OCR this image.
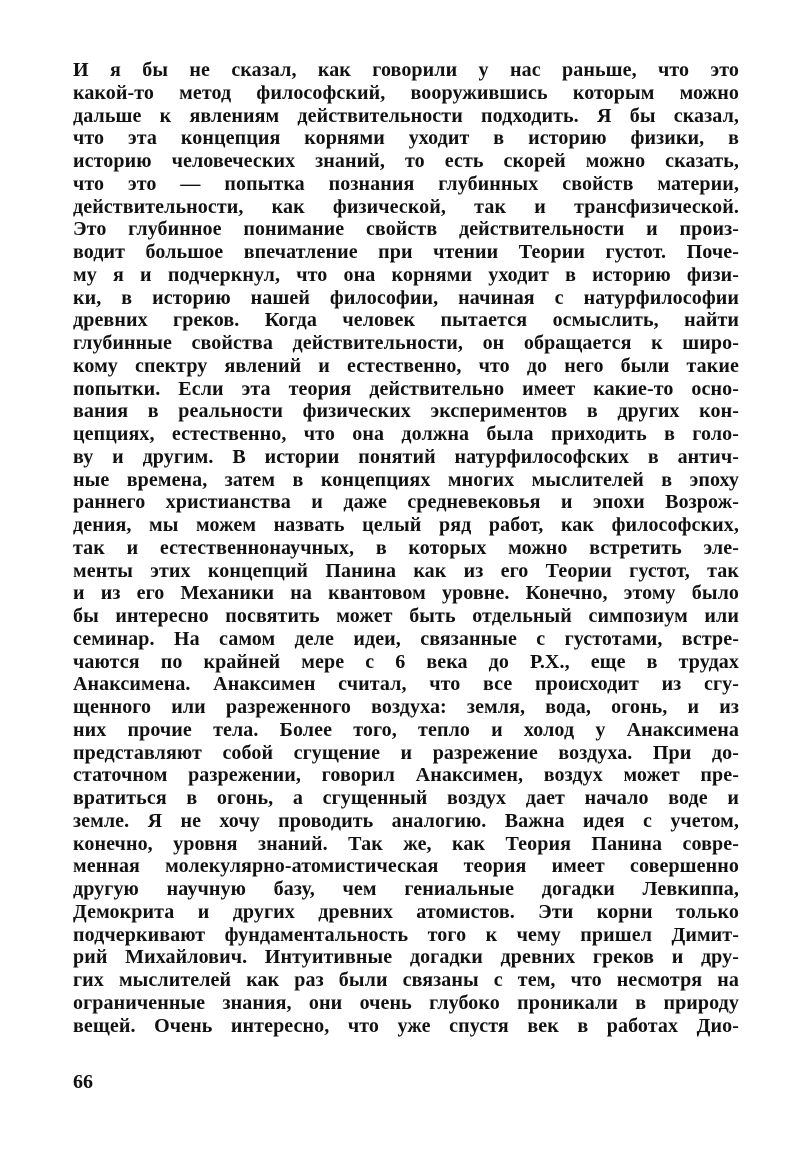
И я бы не сказал, как говорили у нас раньше, что это
какой-то метод философский, вооружившись которым можно
дальше к явлениям действительности подходить. Я бы сказал,
что эта концепция корнями уходит в историю физики, в
историю человеческих знаний, то есть скорей можно сказать,
что это — попытка познания глубинных свойств материи,
действительности, как физической, так и трансфизической.
Это глубинное понимание свойств действительности и произ-
водит большое впечатление при чтении Теории густот. Поче-
му я и подчеркнул, что она корнями уходит в историю физи-
ки, в историю нашей философии, начиная с натурфилософии
древних греков. Когда человек пытается осмыслить, найти
глубинные свойства действительности, он обращается к широ-
кому спектру явлений и естественно, что до него были такие
попытки. Если эта теория действительно имеет какие-то осно-
вания в реальности физических экспериментов в других кон-
цепциях, естественно, что она должна была приходить в голо-
ву и другим. В истории понятий натурфилософских в антич-
ные времена, затем в концепциях многих мыслителей в эпоху
раннего христианства и даже средневековья и эпохи Возрож-
дения, мы можем назвать целый ряд работ, как философских,
так и естественнонаучных, в которых можно встретить эле-
менты этих концепций Панина как из его Теории густот, так
и из его Механики на квантовом уровне. Конечно, этому было
бы интересно посвятить может быть отдельный симпозиум или
семинар. На самом деле идеи, связанные с густотами, встре-
чаются по крайней мере с 6 века до Р.Х., еще в трудах
Анаксимена. Анаксимен считал, что все происходит из сгу-
щенного или разреженного воздуха: земля, вода, огонь, и из
них прочие тела. Более того, тепло и холод у Анаксимена
представляют собой сгущение и разрежение воздуха. При до-
статочном разрежении, говорил Анаксимен, воздух может пре-
вратиться в огонь, а сгущенный воздух дает начало воде и
земле. Я не хочу проводить аналогию. Важна идея с учетом,
конечно, уровня знаний. Так же, как Теория Панина совре-
менная молекулярно-атомистическая теория имеет совершенно
другую научную базу, чем гениальные догадки Левкиппа,
Демокрита и других древних атомистов. Эти корни только
подчеркивают фундаментальность того к чему пришел Димит-
рий Михайлович. Интуитивные догадки древних греков и дру-
гих мыслителей как раз были связаны с тем, что несмотря на
ограниченные знания, они очень глубоко проникали в природу
вещей. Очень интересно, что уже спустя век в работах Дио-
66
